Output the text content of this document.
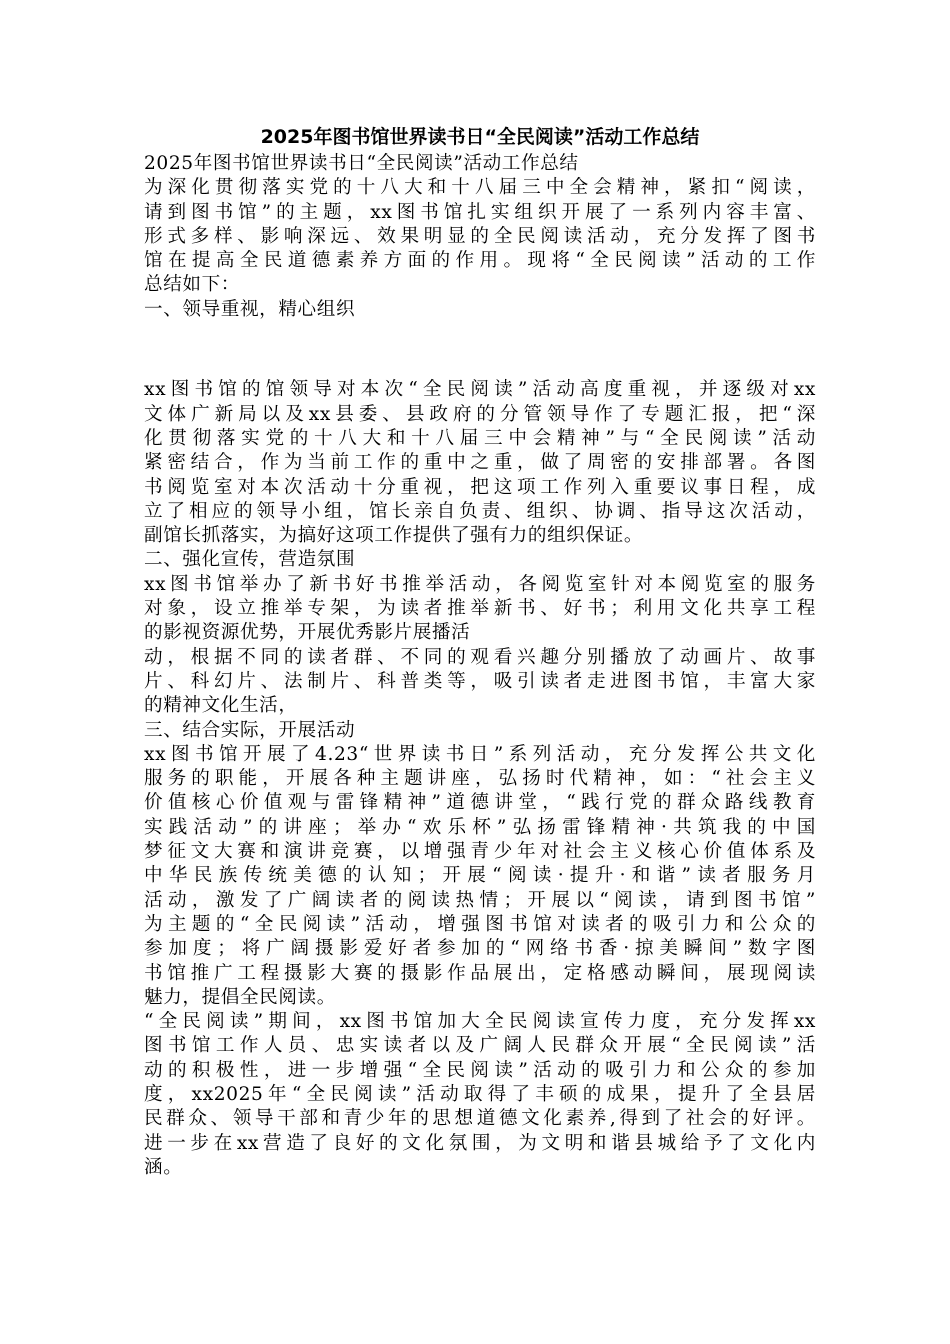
2025年图书馆世界读书日“全民阅读”活动工作总结

2025年图书馆世界读书日“全民阅读”活动工作总结

为深化贯彻落实党的十八大和十八届三中全会精神，紧扣“阅读，

请到图书馆”的主题，xx图书馆扎实组织开展了一系列内容丰富、

形式多样、影响深远、效果明显的全民阅读活动，充分发挥了图书

馆在提高全民道德素养方面的作用。现将“全民阅读”活动的工作

总结如下：

一、领导重视，精心组织

xx图书馆的馆领导对本次“全民阅读”活动高度重视，并逐级对xx

文体广新局以及xx县委、县政府的分管领导作了专题汇报，把“深

化贯彻落实党的十八大和十八届三中会精神”与“全民阅读”活动

紧密结合，作为当前工作的重中之重，做了周密的安排部署。各图

书阅览室对本次活动十分重视，把这项工作列入重要议事日程，成

立了相应的领导小组，馆长亲自负责、组织、协调、指导这次活动，

副馆长抓落实，为搞好这项工作提供了强有力的组织保证。

二、强化宣传，营造氛围

xx图书馆举办了新书好书推举活动，各阅览室针对本阅览室的服务

对象，设立推举专架，为读者推举新书、好书；利用文化共享工程

的影视资源优势，开展优秀影片展播活

动，根据不同的读者群、不同的观看兴趣分别播放了动画片、故事

片、科幻片、法制片、科普类等，吸引读者走进图书馆，丰富大家

的精神文化生活，

三、结合实际，开展活动

xx图书馆开展了4.23“世界读书日”系列活动，充分发挥公共文化

服务的职能，开展各种主题讲座，弘扬时代精神，如：“社会主义

价值核心价值观与雷锋精神”道德讲堂，“践行党的群众路线教育

实践活动”的讲座；举办“欢乐杯”弘扬雷锋精神·共筑我的中国

梦征文大赛和演讲竞赛，以增强青少年对社会主义核心价值体系及

中华民族传统美德的认知；开展“阅读·提升·和谐”读者服务月

活动，激发了广阔读者的阅读热情；开展以“阅读，请到图书馆”

为主题的“全民阅读”活动，增强图书馆对读者的吸引力和公众的

参加度；将广阔摄影爱好者参加的“网络书香·掠美瞬间”数字图

书馆推广工程摄影大赛的摄影作品展出，定格感动瞬间，展现阅读

魅力，提倡全民阅读。

“全民阅读”期间，xx图书馆加大全民阅读宣传力度，充分发挥xx

图书馆工作人员、忠实读者以及广阔人民群众开展“全民阅读”活

动的积极性，进一步增强“全民阅读”活动的吸引力和公众的参加

度，xx2025年“全民阅读”活动取得了丰硕的成果，提升了全县居

民群众、领导干部和青少年的思想道德文化素养,得到了社会的好评。

进一步在xx营造了良好的文化氛围，为文明和谐县城给予了文化内

涵。
